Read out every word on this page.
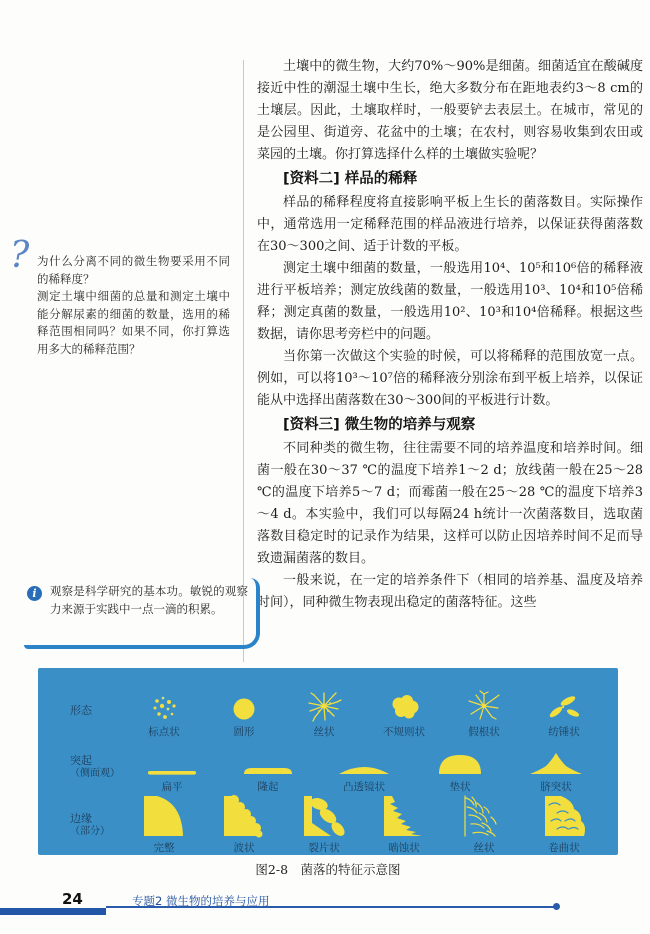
土壤中的微生物，大约70%～90%是细菌。细菌适宜在酸碱度接近中性的潮湿土壤中生长，绝大多数分布在距地表约3～8 cm的土壤层。因此，土壤取样时，一般要铲去表层土。在城市，常见的是公园里、街道旁、花盆中的土壤；在农村，则容易收集到农田或菜园的土壤。你打算选择什么样的土壤做实验呢？

[资料二] 样品的稀释

样品的稀释程度将直接影响平板上生长的菌落数目。实际操作中，通常选用一定稀释范围的样品液进行培养，以保证获得菌落数在30～300之间、适于计数的平板。

测定土壤中细菌的数量，一般选用10⁴、10⁵和10⁶倍的稀释液进行平板培养；测定放线菌的数量，一般选用10³、10⁴和10⁵倍稀释；测定真菌的数量，一般选用10²、10³和10⁴倍稀释。根据这些数据，请你思考旁栏中的问题。

当你第一次做这个实验的时候，可以将稀释的范围放宽一点。例如，可以将10³～10⁷倍的稀释液分别涂布到平板上培养，以保证能从中选择出菌落数在30～300间的平板进行计数。

[资料三] 微生物的培养与观察

不同种类的微生物，往往需要不同的培养温度和培养时间。细菌一般在30～37 ℃的温度下培养1～2 d；放线菌一般在25～28 ℃的温度下培养5～7 d；而霉菌一般在25～28 ℃的温度下培养3～4 d。本实验中，我们可以每隔24 h统计一次菌落数目，选取菌落数目稳定时的记录作为结果，这样可以防止因培养时间不足而导致遗漏菌落的数目。

一般来说，在一定的培养条件下（相同的培养基、温度及培养时间），同种微生物表现出稳定的菌落特征。这些

? 为什么分离不同的微生物要采用不同的稀释度？

测定土壤中细菌的总量和测定土壤中能分解尿素的细菌的数量，选用的稀释范围相同吗？如果不同，你打算选用多大的稀释范围？

i	观察是科学研究的基本功。敏锐的观察力来源于实践中一点一滴的积累。
形态
标点状	圆形	丝状	不规则状	假根状	纺锤状
突起
（侧面观）
扁平	隆起	凸透镜状	垫状	脐突状
边缘
（部分）
完整	波状	裂片状	啮蚀状	丝状	卷曲状
图2-8　菌落的特征示意图
24	专题2 微生物的培养与应用
